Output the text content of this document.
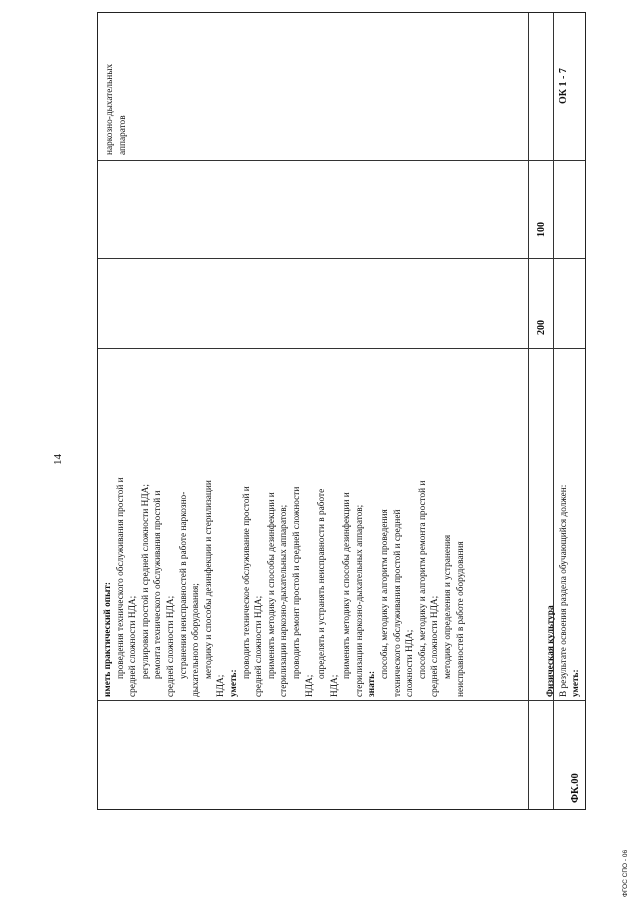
14
иметь практический опыт: проведения технического обслуживания простой и средней сложности НДА; регулировки простой и средней сложности НДА; ремонта технического обслуживания простой и средней сложности НДА; устранения неисправностей в работе наркозно- дыхательного оборудования; методику и способы дезинфекции и стерилизации
НДА; уметь:
проводить техническое обслуживание простой и средней сложности НДА; применять методику и способы дезинфекции и стерилизации наркозно-дыхательных аппаратов; проводить ремонт простой и средней сложности
НДА;
определять и устранять неисправности в работе
НДА;
применять методику и способы дезинфекции и стерилизации наркозно-дыхательных аппаратов; знать:
способы, методику и алгоритм проведения технического обслуживания простой и средней сложности НДА; способы, методику и алгоритм ремонта простой и средней сложности НДА; методику определения и устранения неисправностей в работе оборудования
наркозно-дыхательных аппаратов
ФК.00
Физическая культура В результате освоения раздела обучающийся должен: уметь:
200
100
ОК 1 - 7
ФГОС СПО - 06
